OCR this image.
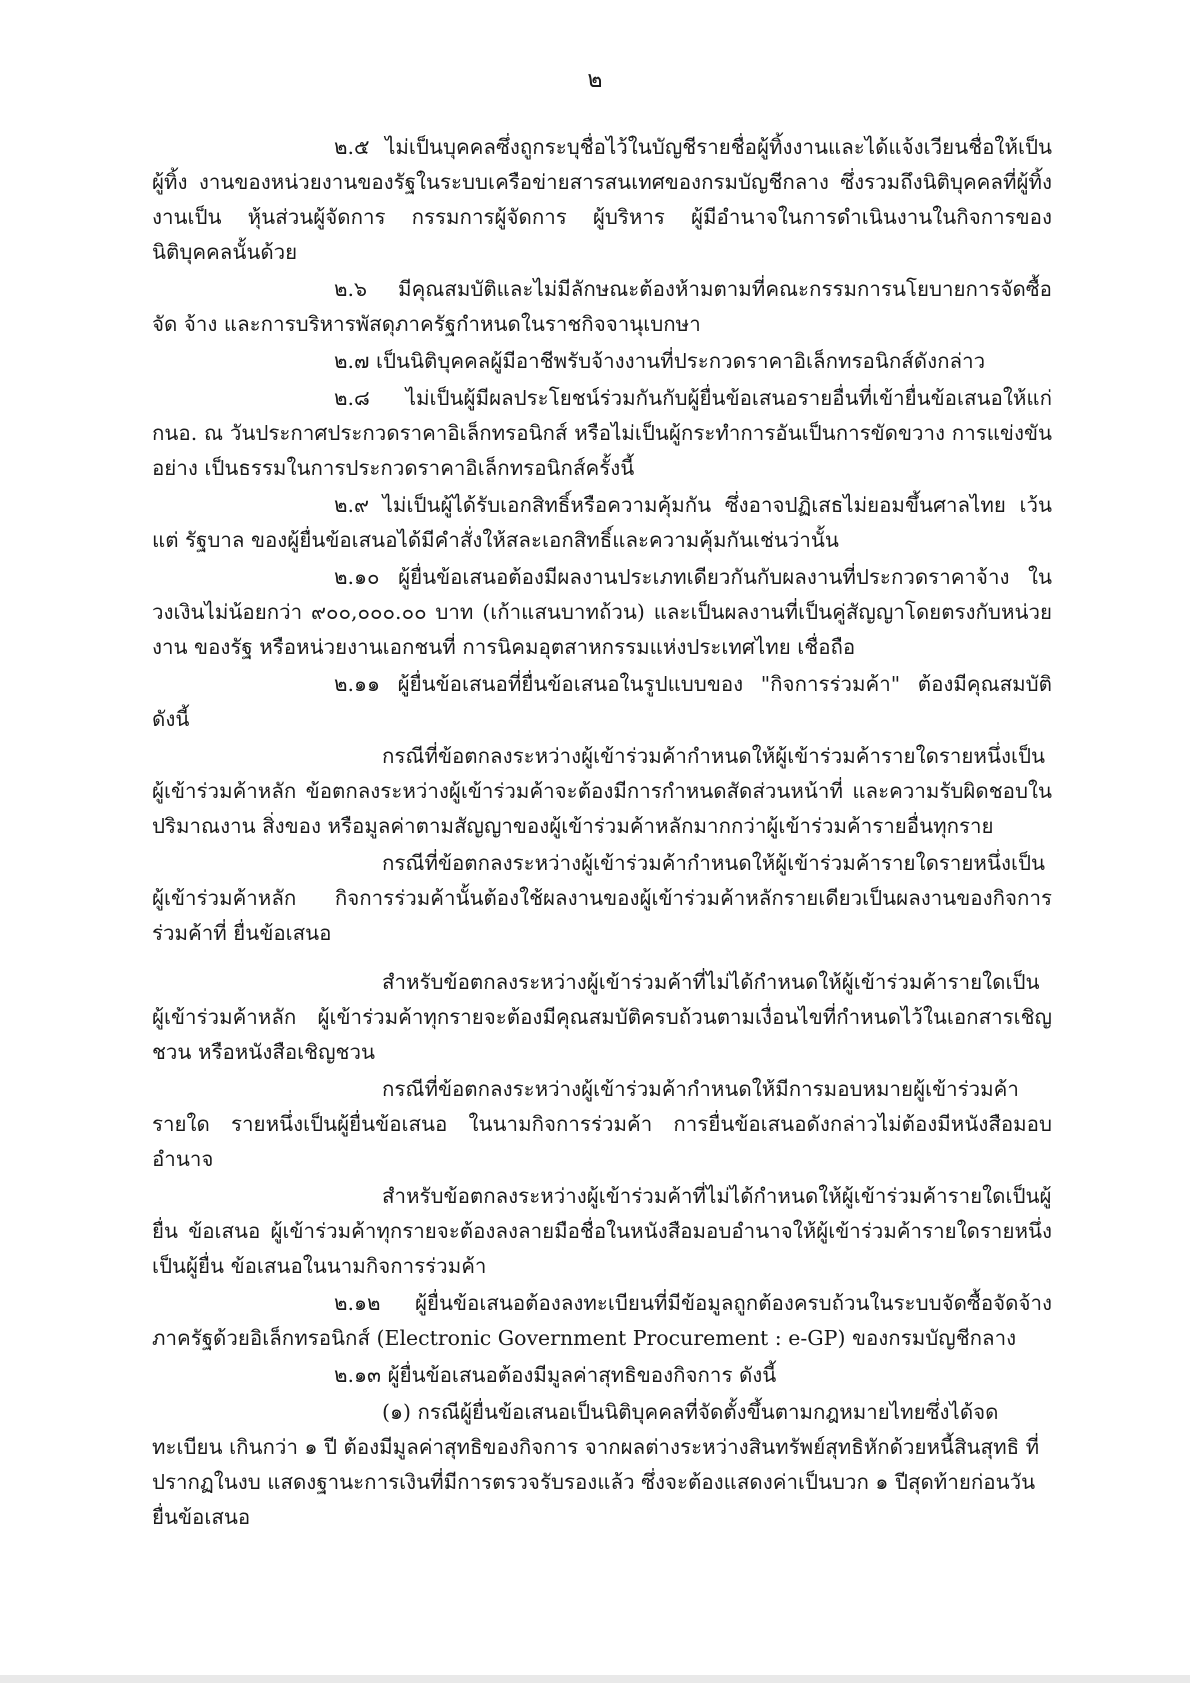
๒

๒.๕ ไม่เป็นบุคคลซึ่งถูกระบุชื่อไว้ในบัญชีรายชื่อผู้ทิ้งงานและได้แจ้งเวียนชื่อให้เป็นผู้ทิ้ง งานของหน่วยงานของรัฐในระบบเครือข่ายสารสนเทศของกรมบัญชีกลาง ซึ่งรวมถึงนิติบุคคลที่ผู้ทิ้งงานเป็น หุ้นส่วนผู้จัดการ กรรมการผู้จัดการ ผู้บริหาร ผู้มีอำนาจในการดำเนินงานในกิจการของนิติบุคคลนั้นด้วย

๒.๖ มีคุณสมบัติและไม่มีลักษณะต้องห้ามตามที่คณะกรรมการนโยบายการจัดซื้อจัด จ้าง และการบริหารพัสดุภาครัฐกำหนดในราชกิจจานุเบกษา

๒.๗ เป็นนิติบุคคลผู้มีอาชีพรับจ้างงานที่ประกวดราคาอิเล็กทรอนิกส์ดังกล่าว

๒.๘ ไม่เป็นผู้มีผลประโยชน์ร่วมกันกับผู้ยื่นข้อเสนอรายอื่นที่เข้ายื่นข้อเสนอให้แก่ กนอ. ณ วันประกาศประกวดราคาอิเล็กทรอนิกส์ หรือไม่เป็นผู้กระทำการอันเป็นการขัดขวาง การแข่งขันอย่าง เป็นธรรมในการประกวดราคาอิเล็กทรอนิกส์ครั้งนี้

๒.๙ ไม่เป็นผู้ได้รับเอกสิทธิ์หรือความคุ้มกัน ซึ่งอาจปฏิเสธไม่ยอมขึ้นศาลไทย เว้นแต่ รัฐบาล ของผู้ยื่นข้อเสนอได้มีคำสั่งให้สละเอกสิทธิ์และความคุ้มกันเช่นว่านั้น

๒.๑๐ ผู้ยื่นข้อเสนอต้องมีผลงานประเภทเดียวกันกับผลงานที่ประกวดราคาจ้าง ใน วงเงินไม่น้อยกว่า ๙๐๐,๐๐๐.๐๐ บาท (เก้าแสนบาทถ้วน) และเป็นผลงานที่เป็นคู่สัญญาโดยตรงกับหน่วยงาน ของรัฐ หรือหน่วยงานเอกชนที่ การนิคมอุตสาหกรรมแห่งประเทศไทย เชื่อถือ

๒.๑๑ ผู้ยื่นข้อเสนอที่ยื่นข้อเสนอในรูปแบบของ "กิจการร่วมค้า" ต้องมีคุณสมบัติดังนี้

กรณีที่ข้อตกลงระหว่างผู้เข้าร่วมค้ากำหนดให้ผู้เข้าร่วมค้ารายใดรายหนึ่งเป็น ผู้เข้าร่วมค้าหลัก ข้อตกลงระหว่างผู้เข้าร่วมค้าจะต้องมีการกำหนดสัดส่วนหน้าที่ และความรับผิดชอบใน ปริมาณงาน สิ่งของ หรือมูลค่าตามสัญญาของผู้เข้าร่วมค้าหลักมากกว่าผู้เข้าร่วมค้ารายอื่นทุกราย

กรณีที่ข้อตกลงระหว่างผู้เข้าร่วมค้ากำหนดให้ผู้เข้าร่วมค้ารายใดรายหนึ่งเป็น ผู้เข้าร่วมค้าหลัก กิจการร่วมค้านั้นต้องใช้ผลงานของผู้เข้าร่วมค้าหลักรายเดียวเป็นผลงานของกิจการร่วมค้าที่ ยื่นข้อเสนอ

สำหรับข้อตกลงระหว่างผู้เข้าร่วมค้าที่ไม่ได้กำหนดให้ผู้เข้าร่วมค้ารายใดเป็น ผู้เข้าร่วมค้าหลัก ผู้เข้าร่วมค้าทุกรายจะต้องมีคุณสมบัติครบถ้วนตามเงื่อนไขที่กำหนดไว้ในเอกสารเชิญชวน หรือหนังสือเชิญชวน

กรณีที่ข้อตกลงระหว่างผู้เข้าร่วมค้ากำหนดให้มีการมอบหมายผู้เข้าร่วมค้ารายใด รายหนึ่งเป็นผู้ยื่นข้อเสนอ ในนามกิจการร่วมค้า การยื่นข้อเสนอดังกล่าวไม่ต้องมีหนังสือมอบอำนาจ

สำหรับข้อตกลงระหว่างผู้เข้าร่วมค้าที่ไม่ได้กำหนดให้ผู้เข้าร่วมค้ารายใดเป็นผู้ยื่น ข้อเสนอ ผู้เข้าร่วมค้าทุกรายจะต้องลงลายมือชื่อในหนังสือมอบอำนาจให้ผู้เข้าร่วมค้ารายใดรายหนึ่งเป็นผู้ยื่น ข้อเสนอในนามกิจการร่วมค้า

๒.๑๒ ผู้ยื่นข้อเสนอต้องลงทะเบียนที่มีข้อมูลถูกต้องครบถ้วนในระบบจัดซื้อจัดจ้าง ภาครัฐด้วยอิเล็กทรอนิกส์ (Electronic Government Procurement : e-GP) ของกรมบัญชีกลาง

๒.๑๓ ผู้ยื่นข้อเสนอต้องมีมูลค่าสุทธิของกิจการ ดังนี้

(๑) กรณีผู้ยื่นข้อเสนอเป็นนิติบุคคลที่จัดตั้งขึ้นตามกฎหมายไทยซึ่งได้จดทะเบียน เกินกว่า ๑ ปี ต้องมีมูลค่าสุทธิของกิจการ จากผลต่างระหว่างสินทรัพย์สุทธิหักด้วยหนี้สินสุทธิ ที่ปรากฏในงบ แสดงฐานะการเงินที่มีการตรวจรับรองแล้ว ซึ่งจะต้องแสดงค่าเป็นบวก ๑ ปีสุดท้ายก่อนวันยื่นข้อเสนอ
